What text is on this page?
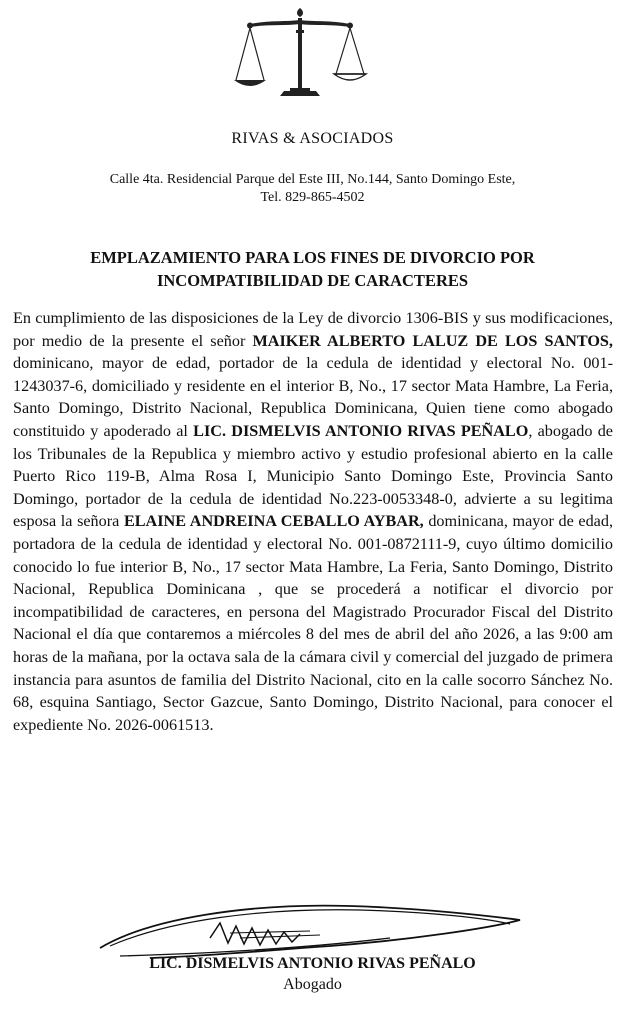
RIVAS & ASOCIADOS
Calle 4ta. Residencial Parque del Este III, No.144, Santo Domingo Este,
Tel. 829-865-4502
EMPLAZAMIENTO PARA LOS FINES DE DIVORCIO POR
INCOMPATIBILIDAD DE CARACTERES
En cumplimiento de las disposiciones de la Ley de divorcio 1306-BIS y sus modificaciones, por medio de la presente el señor MAIKER ALBERTO LALUZ DE LOS SANTOS, dominicano, mayor de edad, portador de la cedula de identidad y electoral No. 001-1243037-6, domiciliado y residente en el interior B, No., 17 sector Mata Hambre, La Feria, Santo Domingo, Distrito Nacional, Republica Dominicana, Quien tiene como abogado constituido y apoderado al LIC. DISMELVIS ANTONIO RIVAS PEÑALO, abogado de los Tribunales de la Republica y miembro activo y estudio profesional abierto en la calle Puerto Rico 119-B, Alma Rosa I, Municipio Santo Domingo Este, Provincia Santo Domingo, portador de la cedula de identidad No.223-0053348-0, advierte a su legitima esposa la señora ELAINE ANDREINA CEBALLO AYBAR, dominicana, mayor de edad, portadora de la cedula de identidad y electoral No. 001-0872111-9, cuyo último domicilio conocido lo fue interior B, No., 17 sector Mata Hambre, La Feria, Santo Domingo, Distrito Nacional, Republica Dominicana , que se procederá a notificar el divorcio por incompatibilidad de caracteres, en persona del Magistrado Procurador Fiscal del Distrito Nacional el día que contaremos a miércoles 8 del mes de abril del año 2026, a las 9:00 am horas de la mañana, por la octava sala de la cámara civil y comercial del juzgado de primera instancia para asuntos de familia del Distrito Nacional, cito en la calle socorro Sánchez No. 68, esquina Santiago, Sector Gazcue, Santo Domingo, Distrito Nacional, para conocer el expediente No. 2026-0061513.
LIC. DISMELVIS ANTONIO RIVAS PEÑALO
Abogado
